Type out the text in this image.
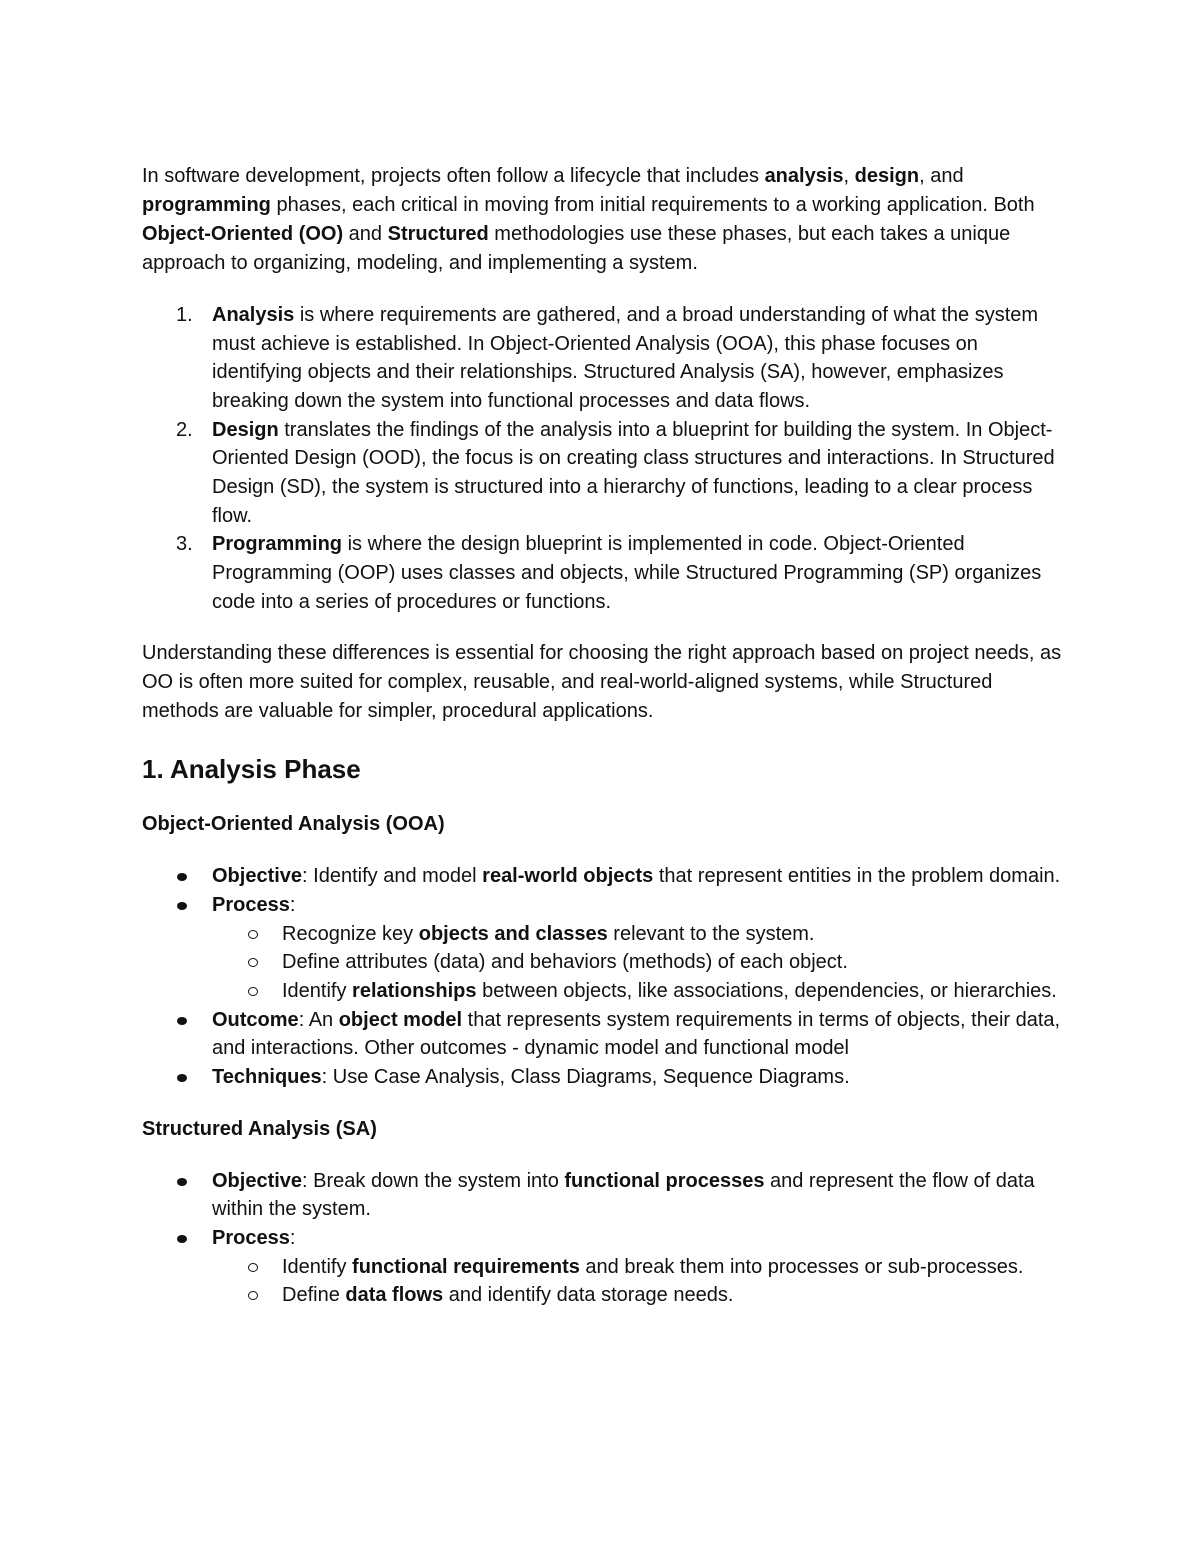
In software development, projects often follow a lifecycle that includes analysis, design, and programming phases, each critical in moving from initial requirements to a working application. Both Object-Oriented (OO) and Structured methodologies use these phases, but each takes a unique approach to organizing, modeling, and implementing a system.

1. Analysis is where requirements are gathered, and a broad understanding of what the system must achieve is established. In Object-Oriented Analysis (OOA), this phase focuses on identifying objects and their relationships. Structured Analysis (SA), however, emphasizes breaking down the system into functional processes and data flows.
2. Design translates the findings of the analysis into a blueprint for building the system. In Object-Oriented Design (OOD), the focus is on creating class structures and interactions. In Structured Design (SD), the system is structured into a hierarchy of functions, leading to a clear process flow.
3. Programming is where the design blueprint is implemented in code. Object-Oriented Programming (OOP) uses classes and objects, while Structured Programming (SP) organizes code into a series of procedures or functions.

Understanding these differences is essential for choosing the right approach based on project needs, as OO is often more suited for complex, reusable, and real-world-aligned systems, while Structured methods are valuable for simpler, procedural applications.

1. Analysis Phase
Object-Oriented Analysis (OOA)
Objective: Identify and model real-world objects that represent entities in the problem domain.
Process:
Recognize key objects and classes relevant to the system.
Define attributes (data) and behaviors (methods) of each object.
Identify relationships between objects, like associations, dependencies, or hierarchies.
Outcome: An object model that represents system requirements in terms of objects, their data, and interactions. Other outcomes - dynamic model and functional model
Techniques: Use Case Analysis, Class Diagrams, Sequence Diagrams.
Structured Analysis (SA)
Objective: Break down the system into functional processes and represent the flow of data within the system.
Process:
Identify functional requirements and break them into processes or sub-processes.
Define data flows and identify data storage needs.
